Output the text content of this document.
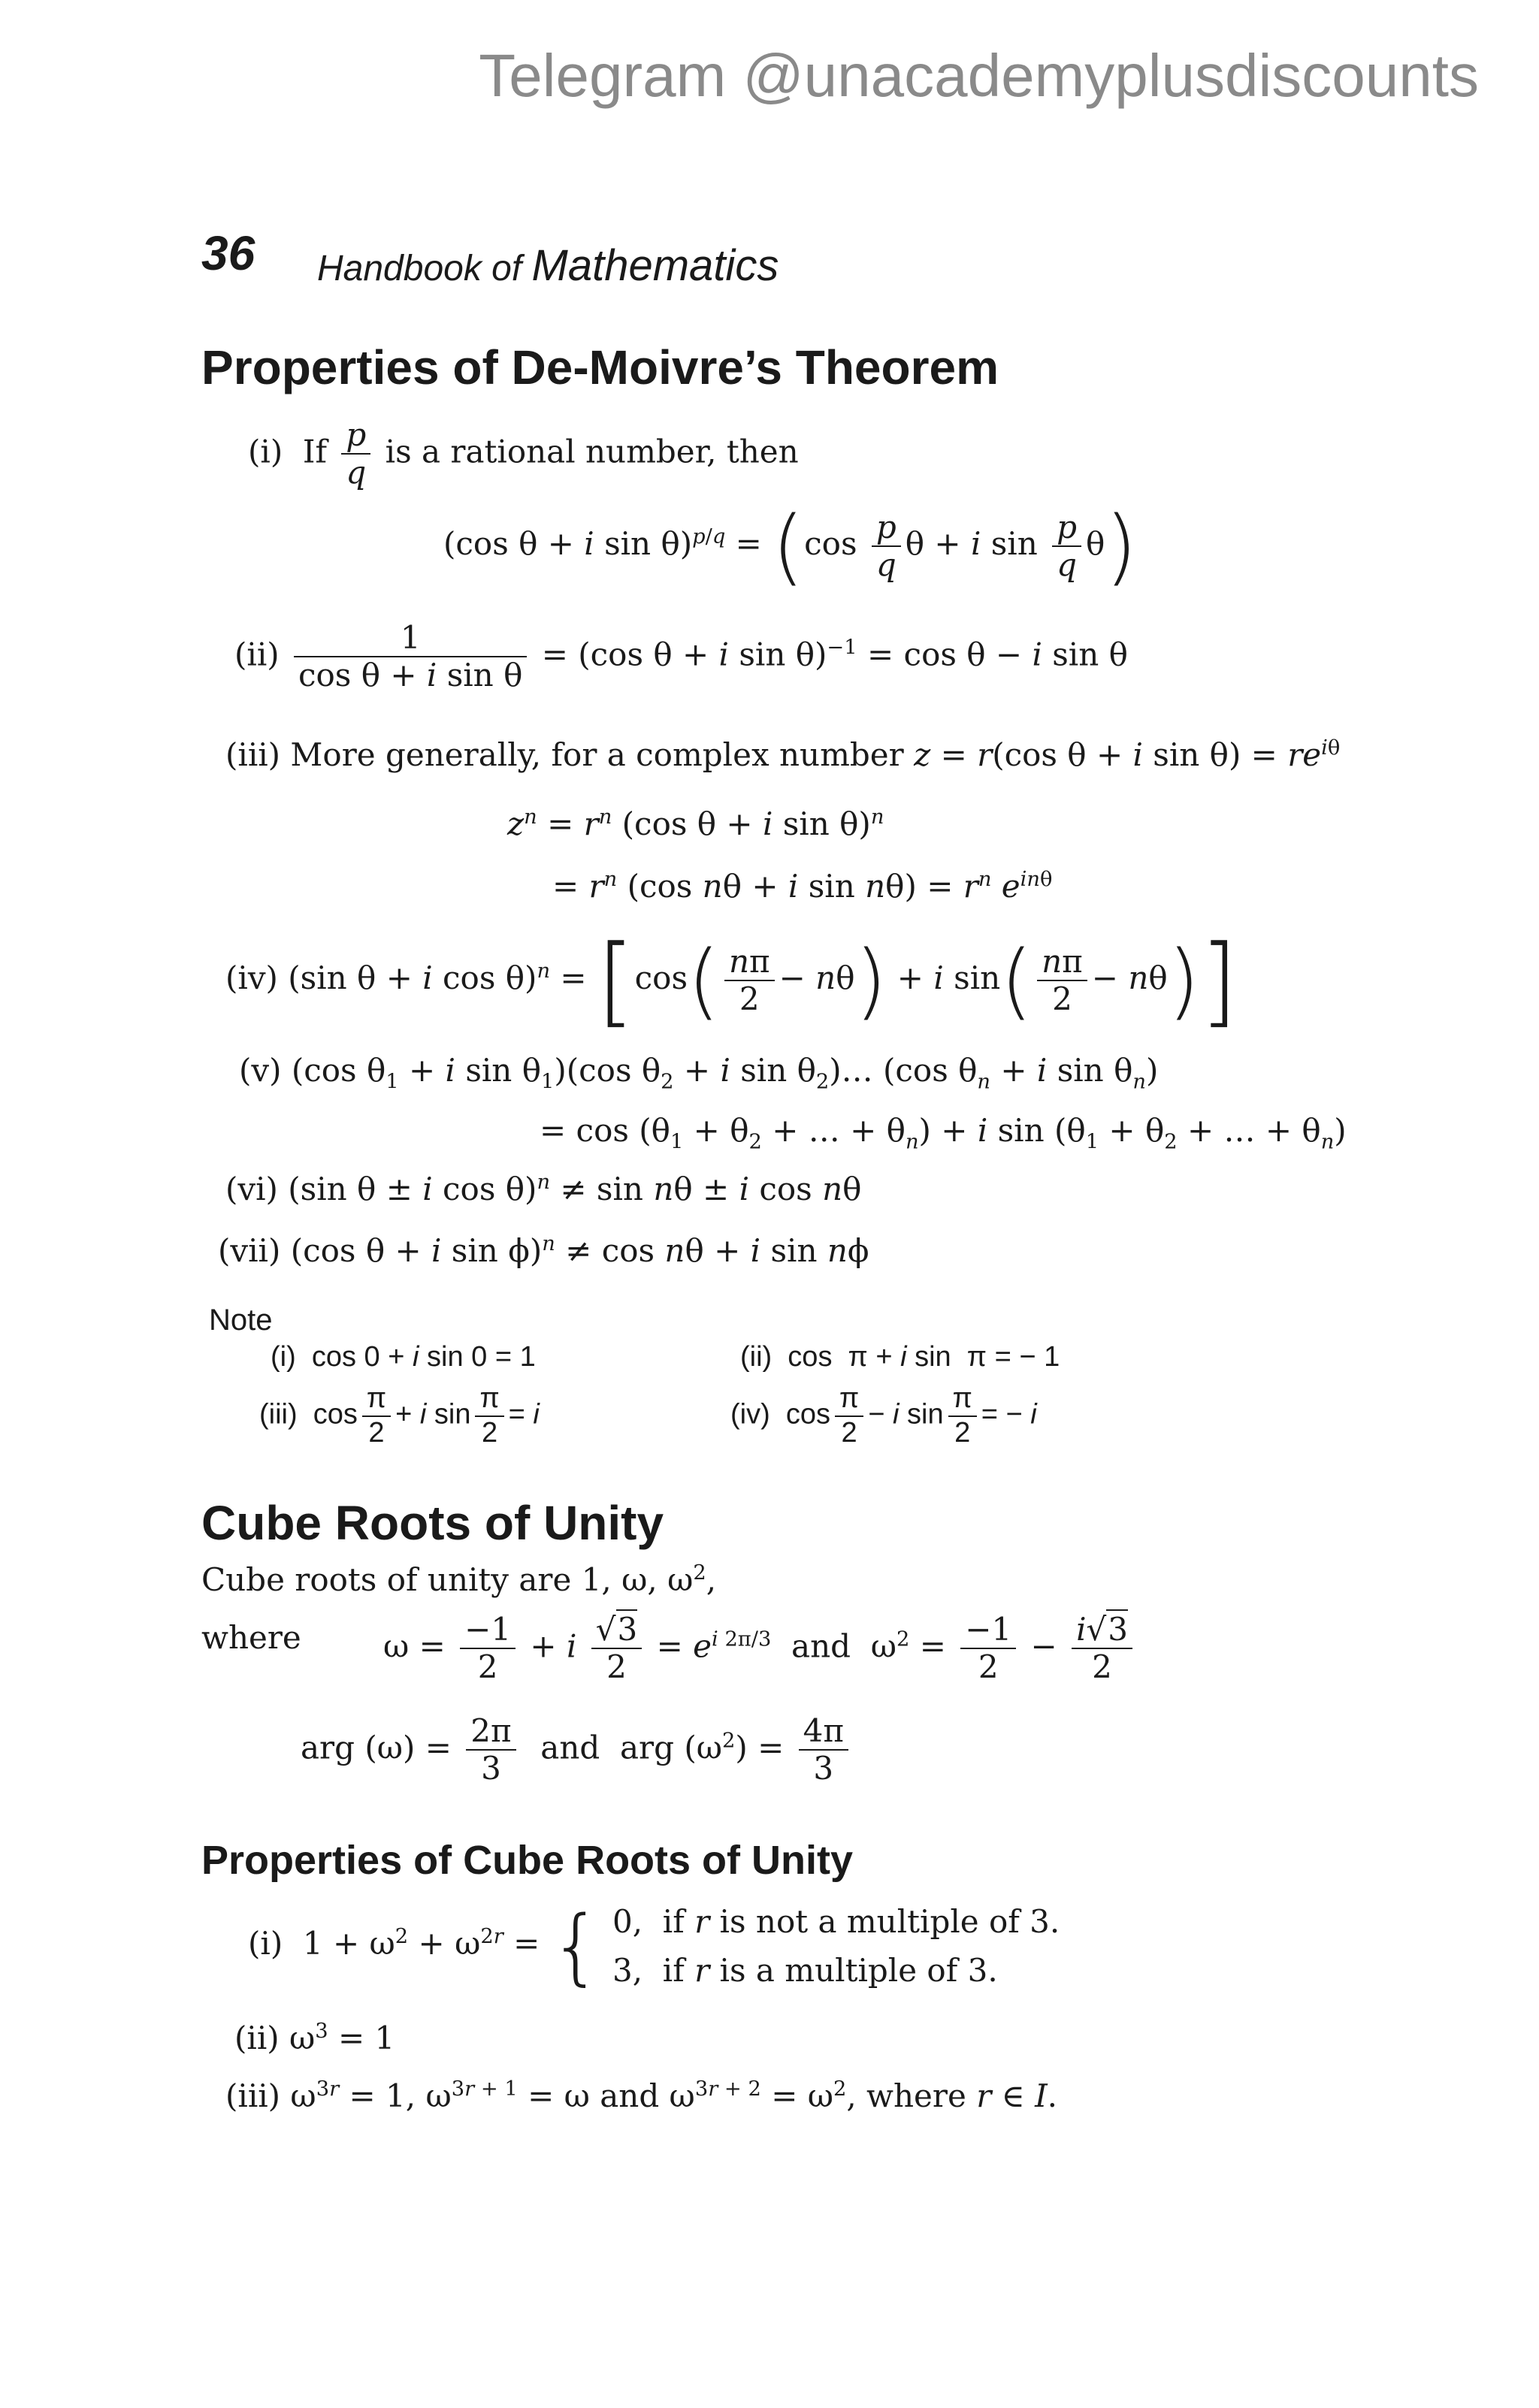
Telegram @unacademyplusdiscounts
36 Handbook of Mathematics
Properties of De-Moivre’s Theorem
(i) If $\frac{p}{q}$ is a rational number, then
(cos θ + i $\sin \theta)^{p/q} = (\cos \frac{p}{q}$ θ + i $\sin \frac{p}{q} \theta$)
$(ii) \frac{1}{\text{cos θ + i sin θ}} = (\cos$ θ + i sin θ)$^{-1}$ = cos θ − i sin θ
(iii) More generally, for a complex number z = r(cos θ + i $\sin \theta) = re^{i\theta}$
$z^n = r^n$ (cos θ + i sin θ)$^n$
= $r^n$ (cos nθ + i $\sin n\theta) = r^n$ $e^{in\theta}$
(iv) (sin θ + i $\cos \theta)^n = [\cos( \frac{n\pi}{2} - n\theta) + i$ $\sin( \frac{n\pi}{2} - n\theta)$]
(v) (cos $\theta_1 + i$ $\sin \theta_1)(\cos$ $\theta_2 + i$ $\sin \theta_2)\dots$ (cos $\theta_n + i$ $\sin \theta_n$)
= $\cos (\theta_1 + \theta_2$ + … + $\theta_n) + i$ $\sin (\theta_1 + \theta_2$ + … + $\theta_n$)
(vi) (sin θ ± i cos θ)$^n$ ≠ sin nθ ± i cos nθ
(vii) (cos θ + i sin ϕ)$^n$ ≠ cos nθ + i sin nϕ
Note
(i)  cos 0 + i sin 0 = 1	(ii)  cos  π + i sin  π = − 1
(iii)  $\cos \frac{\pi}{2} + i$ $\sin \frac{\pi}{2} = i$	(iv)  $\cos \frac{\pi}{2} - i$ $\sin \frac{\pi}{2}$ = − i
Cube Roots of Unity
Cube roots of unity are 1, ω, $\omega^2$,
where	$\omega = \frac{-1}{2} + i \frac{√3}{2} = e^{i 2\pi/3}$  and  $\omega^2 = \frac{-1}{2} - \frac{i√3}{2}$
arg $(\omega) = \frac{2\pi}{3}$ and  arg $(\omega^2) = \frac{4\pi}{3}$
Properties of Cube Roots of Unity
(i)  $1 + \omega^2 + \omega^{2r}$ = { 0,  if r is not a multiple of 3.
3,  if r is a multiple of 3.
(ii) $\omega^3 = 1$
(iii) $\omega^{3r} = 1$, $\omega^{3r + 1} = \omega$ and $\omega^{3r + 2} = \omega^2$, where r ∈ I.
